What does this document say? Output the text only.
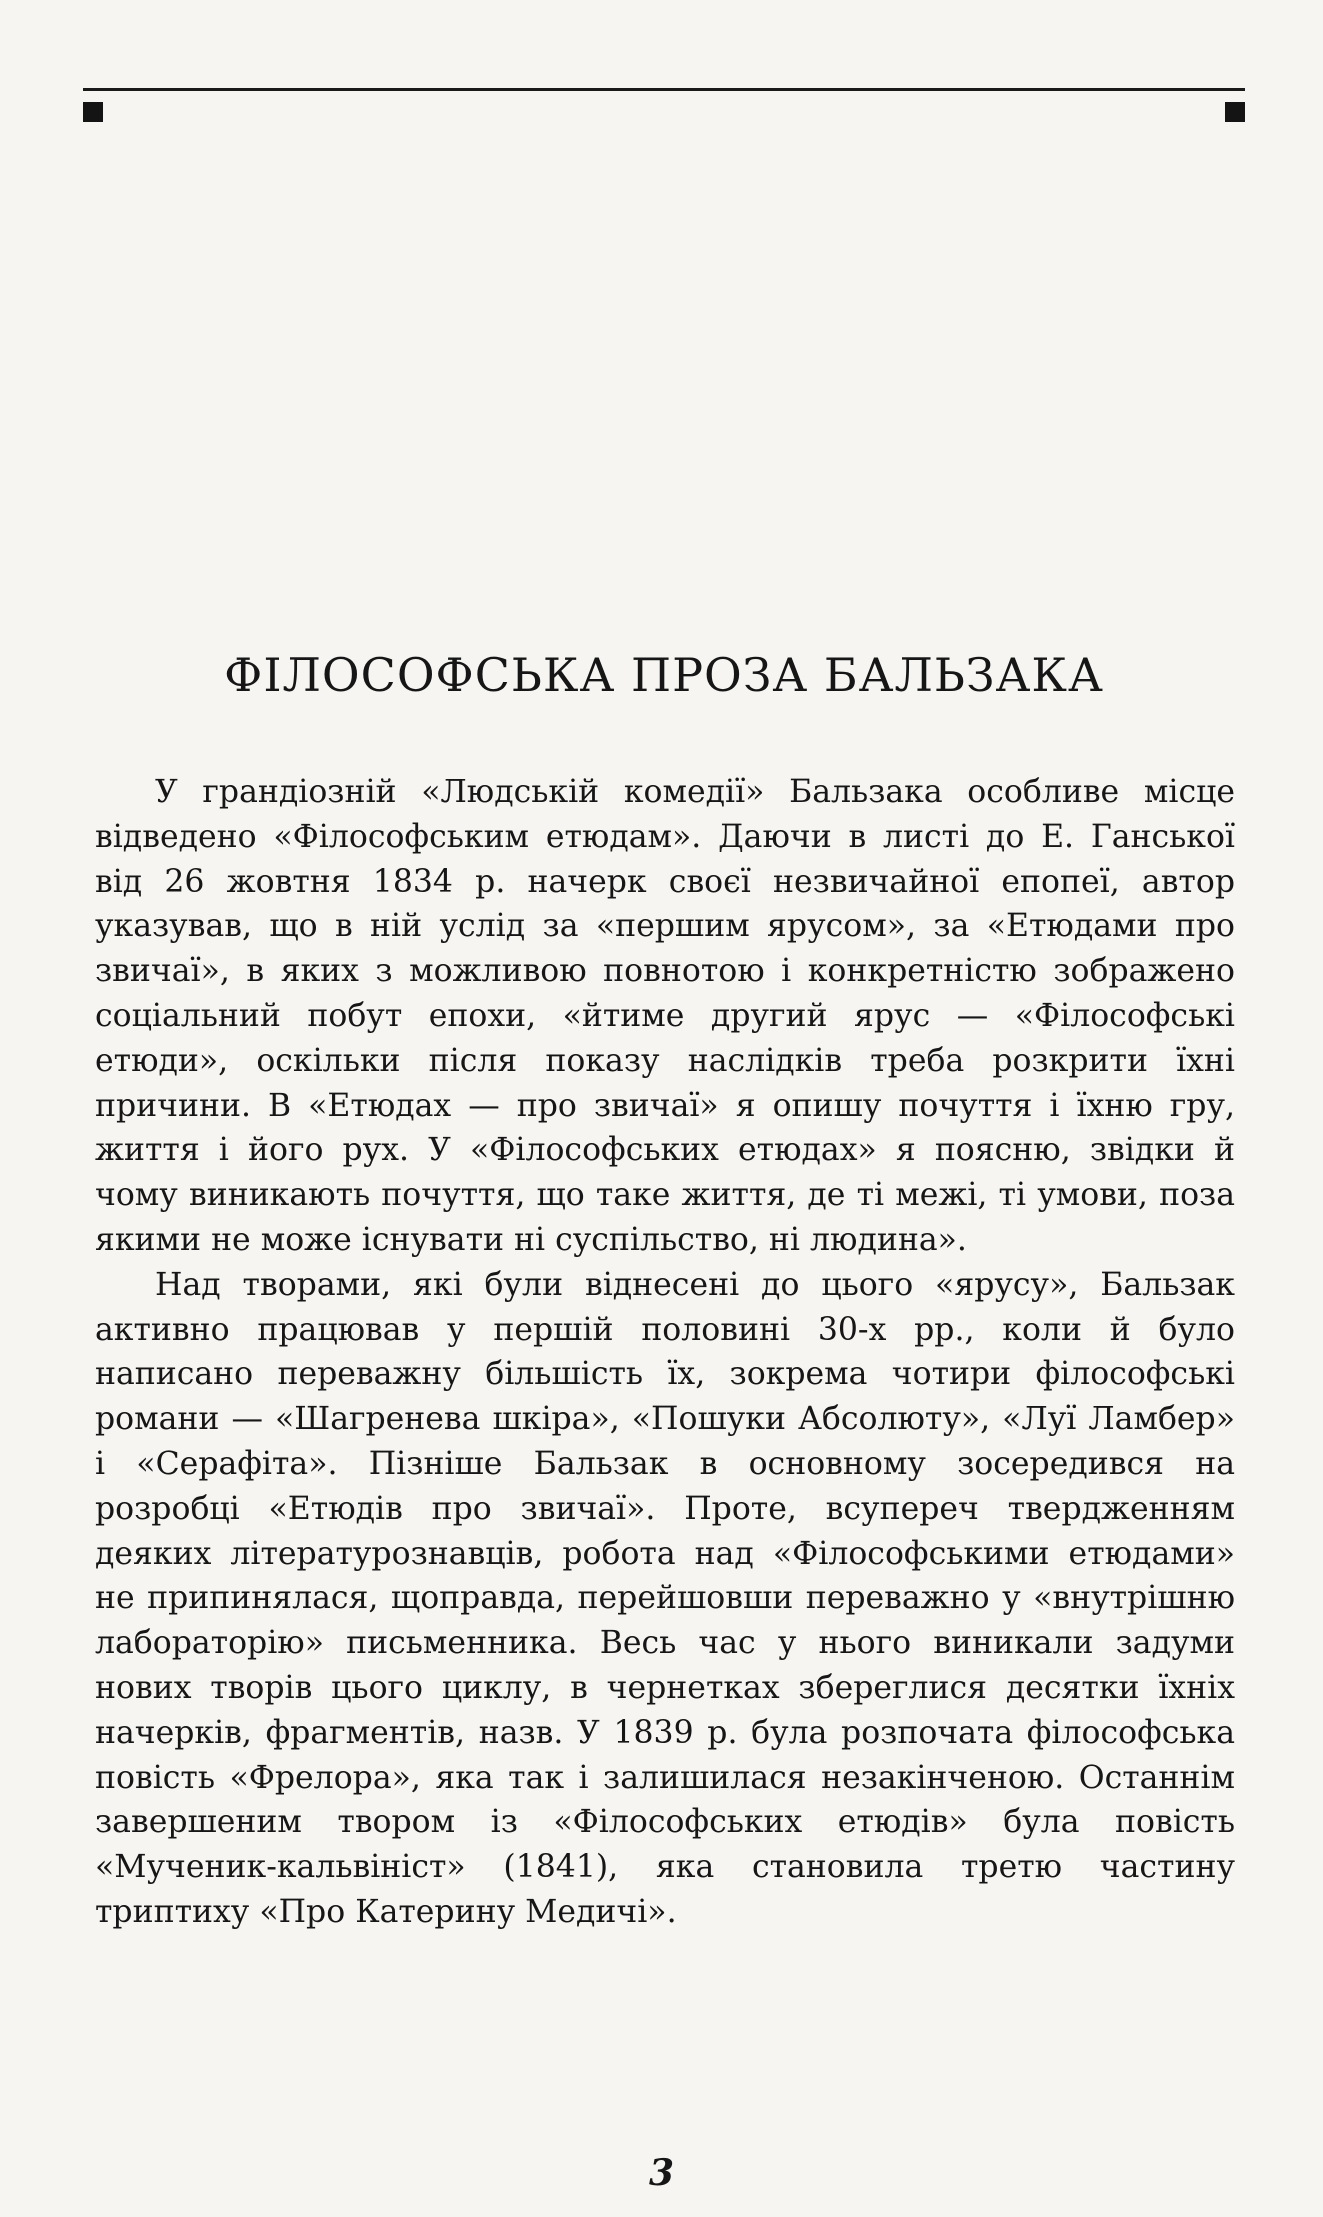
ФІЛОСОФСЬКА ПРОЗА БАЛЬЗАКА

У грандіозній «Людській комедії» Бальзака особливе місце відведено «Філософським етюдам». Даючи в листі до Е. Ганської від 26 жовтня 1834 р. начерк своєї незвичайної епопеї, автор указував, що в ній услід за «першим ярусом», за «Етюдами про звичаї», в яких з можливою повнотою і конкретністю зображено соціальний побут епохи, «йтиме другий ярус — «Філософські етюди», оскільки після показу наслідків треба розкрити їхні причини. В «Етюдах — про звичаї» я опишу почуття і їхню гру, життя і його рух. У «Філософських етюдах» я поясню, звідки й чому виникають почуття, що таке життя, де ті межі, ті умови, поза якими не може існувати ні суспільство, ні людина».

Над творами, які були віднесені до цього «ярусу», Бальзак активно працював у першій половині 30-х рр., коли й було написано переважну більшість їх, зокрема чотири філософські романи — «Шагренева шкіра», «Пошуки Абсолюту», «Луї Ламбер» і «Серафіта». Пізніше Бальзак в основному зосередився на розробці «Етюдів про звичаї». Проте, всупереч твердженням деяких літературознавців, робота над «Філософськими етюдами» не припинялася, щоправда, перейшовши переважно у «внутрішню лабораторію» письменника. Весь час у нього виникали задуми нових творів цього циклу, в чернетках збереглися десятки їхніх начерків, фрагментів, назв. У 1839 р. була розпочата філософська повість «Фрелора», яка так і залишилася незакінченою. Останнім завершеним твором із «Філософських етюдів» була повість «Мученик-кальвініст» (1841), яка становила третю частину триптиху «Про Катерину Медичі».

3
